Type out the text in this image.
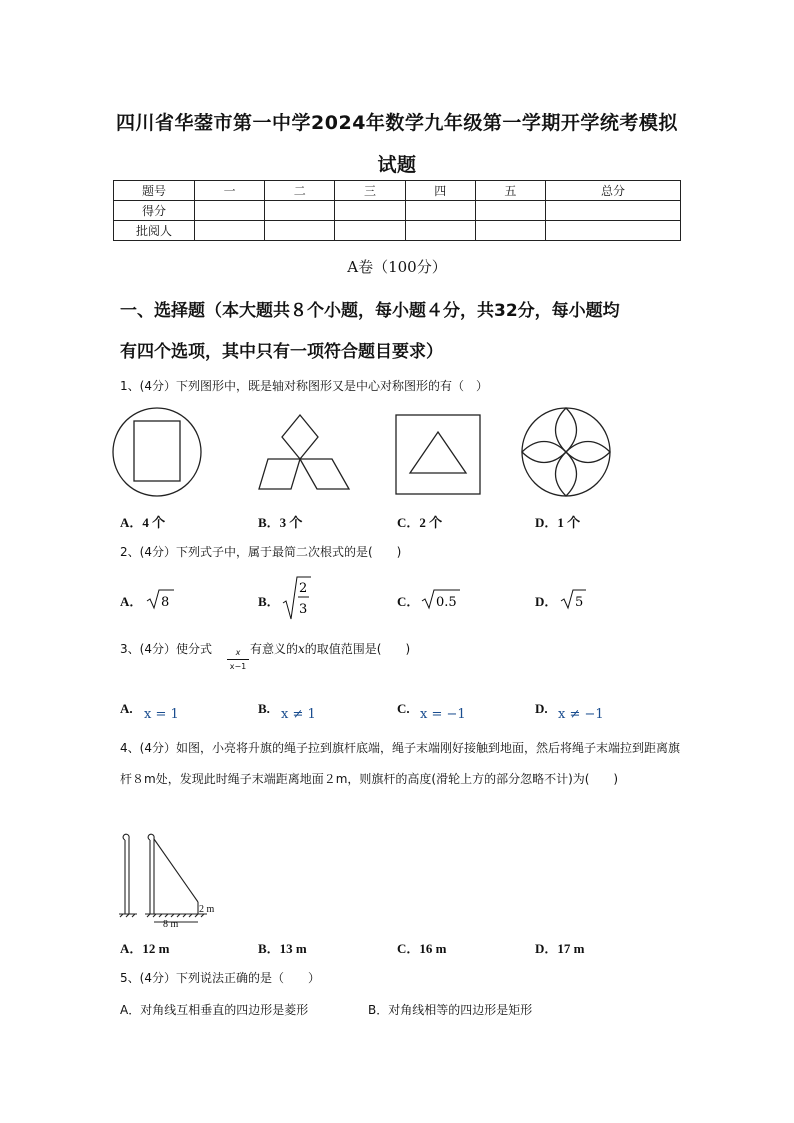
四川省华蓥市第一中学2024年数学九年级第一学期开学统考模拟
试题
题号	一	二	三	四	五	总分
得分						
批阅人						
A卷（100分）
一、选择题（本大题共８个小题，每小题４分，共32分，每小题均
有四个选项，其中只有一项符合题目要求）
1、(4分）下列图形中，既是轴对称图形又是中心对称图形的有（　）
A．4 个	B．3 个	C．2 个	D．1 个
2、(4分）下列式子中，属于最简二次根式的是(　　)
A． 8	B．
2
3
C． 0.5	D． 5
3、(4分）使分式 $\frac{x}{x-1}$ 有意义的x的取值范围是(　　)
A. x = 1	B. x ≠ 1	C. x = −1	D. x ≠ −1
4、(4分）如图，小亮将升旗的绳子拉到旗杆底端，绳子末端刚好接触到地面，然后将绳子末端拉到距离旗杆８m处，发现此时绳子末端距离地面２m，则旗杆的高度(滑轮上方的部分忽略不计)为(　　)
8 m
2 m
A．12 m	B．13 m	C．16 m	D．17 m
5、(4分）下列说法正确的是（　　）
A．对角线互相垂直的四边形是菱形	B．对角线相等的四边形是矩形
